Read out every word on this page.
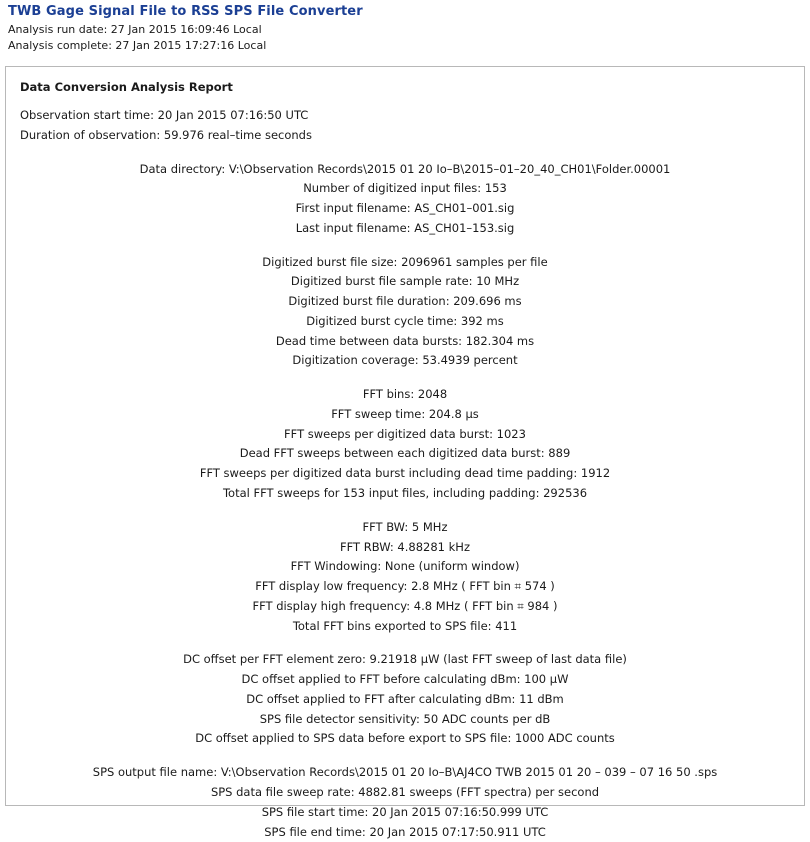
TWB Gage Signal File to RSS SPS File Converter
Analysis run date: 27 Jan 2015 16:09:46 Local
Analysis complete: 27 Jan 2015 17:27:16 Local
Data Conversion Analysis Report
Observation start time: 20 Jan 2015 07:16:50 UTC
Duration of observation: 59.976 real–time seconds
Data directory: V:\Observation Records\2015 01 20 Io–B\2015–01–20_40_CH01\Folder.00001
Number of digitized input files: 153
First input filename: AS_CH01–001.sig
Last input filename: AS_CH01–153.sig
Digitized burst file size: 2096961 samples per file
Digitized burst file sample rate: 10 MHz
Digitized burst file duration: 209.696 ms
Digitized burst cycle time: 392 ms
Dead time between data bursts: 182.304 ms
Digitization coverage: 53.4939 percent
FFT bins: 2048
FFT sweep time: 204.8 μs
FFT sweeps per digitized data burst: 1023
Dead FFT sweeps between each digitized data burst: 889
FFT sweeps per digitized data burst including dead time padding: 1912
Total FFT sweeps for 153 input files, including padding: 292536
FFT BW: 5 MHz
FFT RBW: 4.88281 kHz
FFT Windowing: None (uniform window)
FFT display low frequency: 2.8 MHz ( FFT bin ⌗ 574 )
FFT display high frequency: 4.8 MHz ( FFT bin ⌗ 984 )
Total FFT bins exported to SPS file: 411
DC offset per FFT element zero: 9.21918 μW (last FFT sweep of last data file)
DC offset applied to FFT before calculating dBm: 100 μW
DC offset applied to FFT after calculating dBm: 11 dBm
SPS file detector sensitivity: 50 ADC counts per dB
DC offset applied to SPS data before export to SPS file: 1000 ADC counts
SPS output file name: V:\Observation Records\2015 01 20 Io–B\AJ4CO TWB 2015 01 20 – 039 – 07 16 50 .sps
SPS data file sweep rate: 4882.81 sweeps (FFT spectra) per second
SPS file start time: 20 Jan 2015 07:16:50.999 UTC
SPS file end time: 20 Jan 2015 07:17:50.911 UTC
